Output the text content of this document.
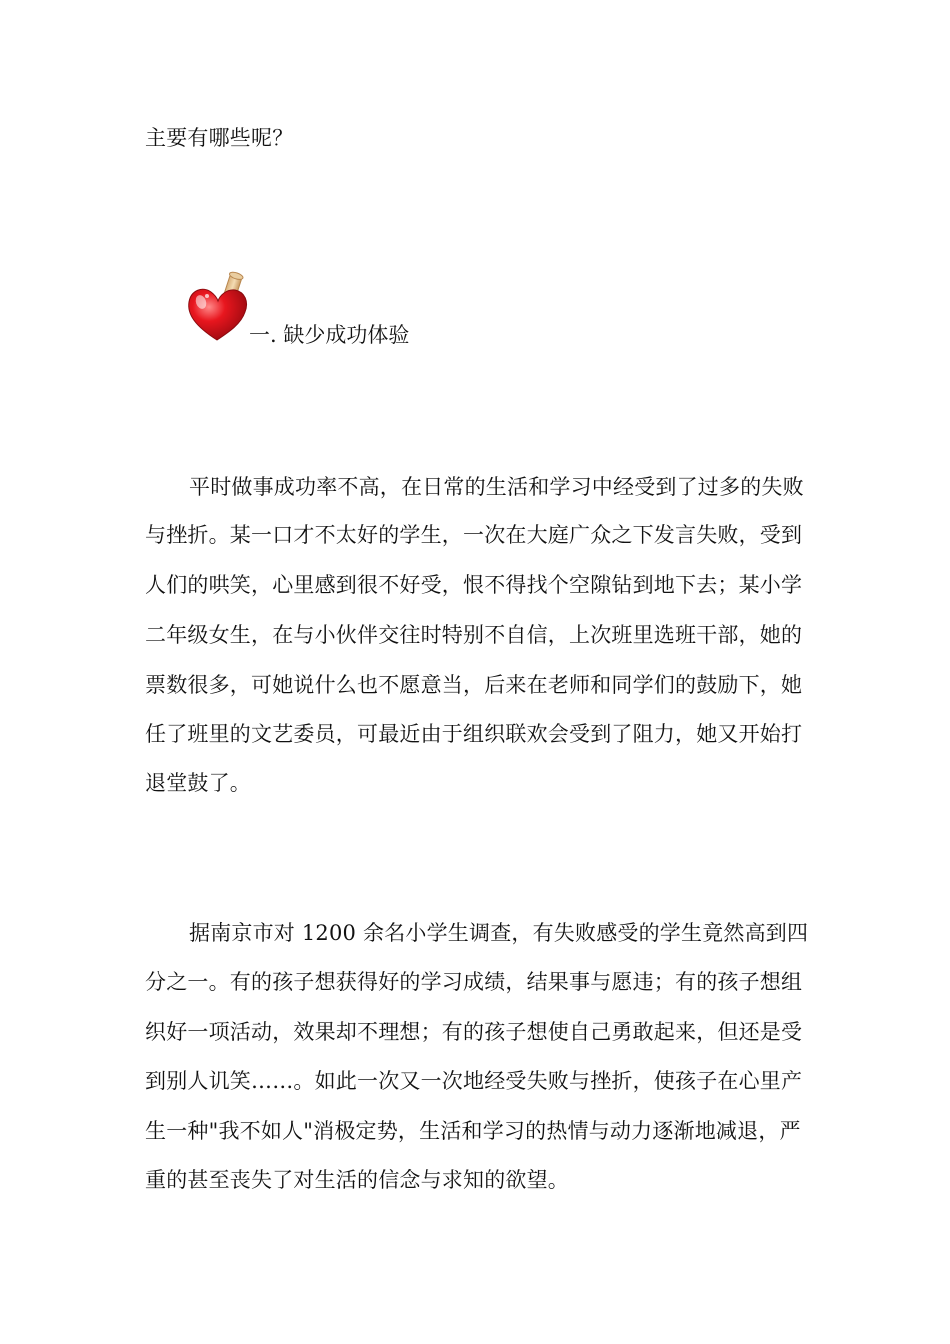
主要有哪些呢？
一. 缺少成功体验
平时做事成功率不高，在日常的生活和学习中经受到了过多的失败
与挫折。某一口才不太好的学生，一次在大庭广众之下发言失败，受到
人们的哄笑，心里感到很不好受，恨不得找个空隙钻到地下去；某小学
二年级女生，在与小伙伴交往时特别不自信，上次班里选班干部，她的
票数很多，可她说什么也不愿意当，后来在老师和同学们的鼓励下，她
任了班里的文艺委员，可最近由于组织联欢会受到了阻力，她又开始打
退堂鼓了。
据南京市对 1200 余名小学生调查，有失败感受的学生竟然高到四
分之一。有的孩子想获得好的学习成绩，结果事与愿违；有的孩子想组
织好一项活动，效果却不理想；有的孩子想使自己勇敢起来，但还是受
到别人讥笑……。如此一次又一次地经受失败与挫折，使孩子在心里产
生一种"我不如人"消极定势，生活和学习的热情与动力逐渐地减退，严
重的甚至丧失了对生活的信念与求知的欲望。
